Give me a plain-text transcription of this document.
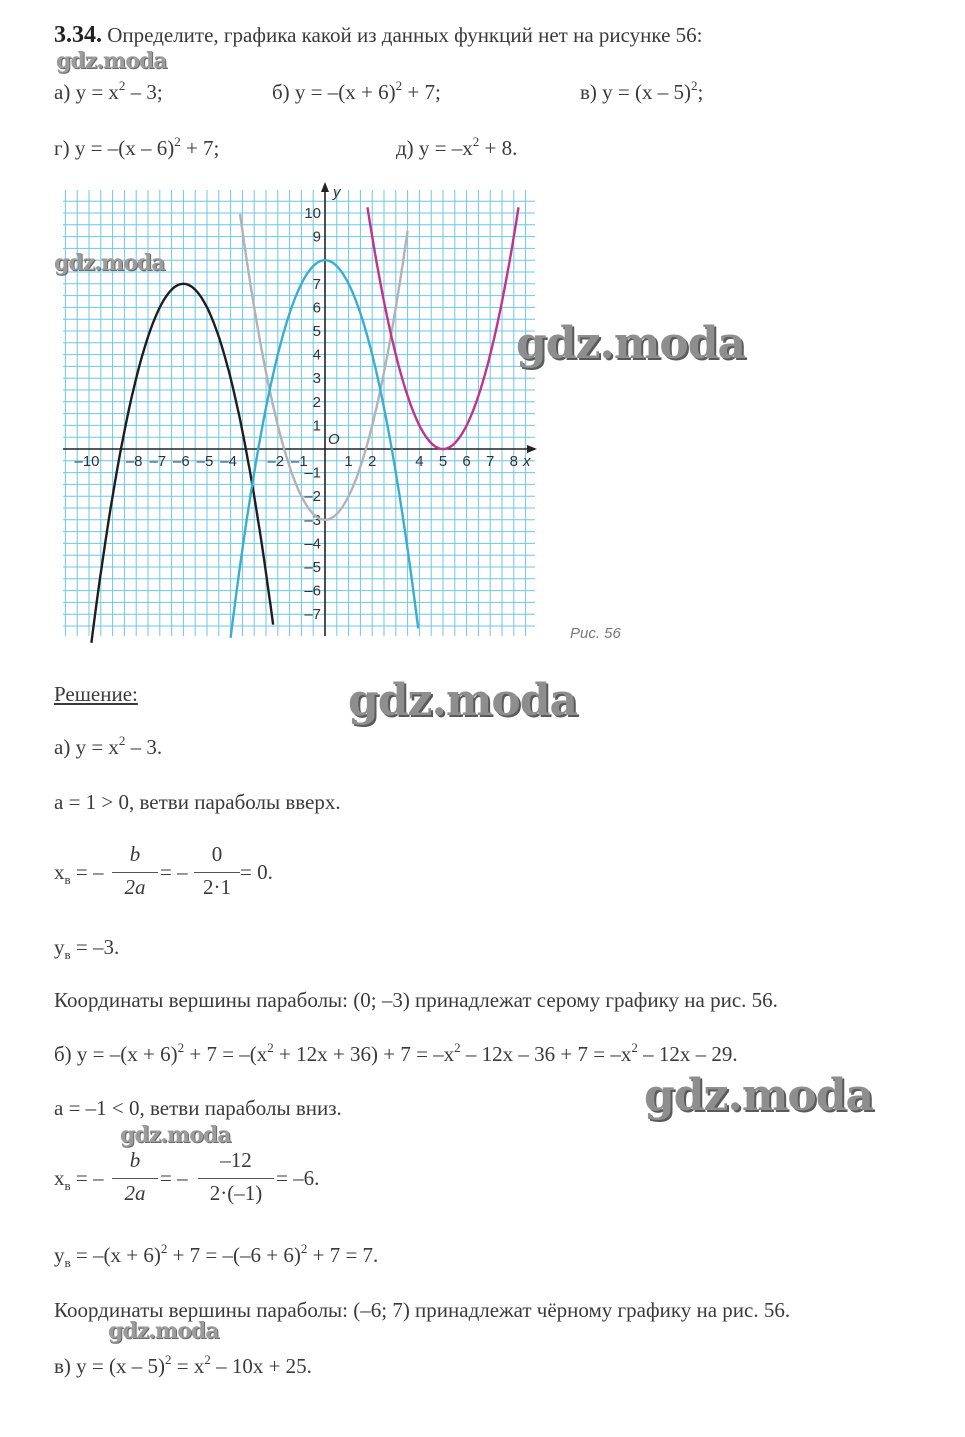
3.34. Определите, графика какой из данных функций нет на рисунке 56:
gdz.moda
а) $y = x^2 - 3$;	б) $y = -(x + 6)^2 + 7$;	в) y = (x – 5)$^2$;
г) y = –(x – 6)$^2$ + 7;	д) $y = -x^2 + 8$.
–10 –8 –7 –6 –5 –4 –2 –1 1 2	4 5 6 7 8
10
9
7
6
5
4
3
2
1
–1
–2
–3
–4
–5
–6
–7
O
y
x
Рис. 56
gdz.moda
gdz.moda
Решение:	gdz.moda
а) $y = x^2 - 3$.
a = 1 > 0, ветви параболы вверх.
$x_в$ = –
b
2a
= –
0
2·1
= 0.
$y_в = -3$.
Координаты вершины параболы: (0; –3) принадлежат серому графику на рис. 56.
б) $y = -(x + 6)^2 + 7 = -(x^2 + 12x + 36) + 7 = -x^2 - 12x - 36 + 7 = -x^2 - 12x - 29$.
gdz.moda
a = –1 < 0, ветви параболы вниз.
gdz.moda
$x_в$ = –
b
2a
= –
–12
2·(–1)
= –6.
$y_в = -(x + 6)^2 + 7 = -(-6 + 6)^2 + 7 = 7$.
Координаты вершины параболы: (–6; 7) принадлежат чёрному графику на рис. 56.
gdz.moda
в) $y = (x - 5)^2 = x^2 - 10x + 25$.
